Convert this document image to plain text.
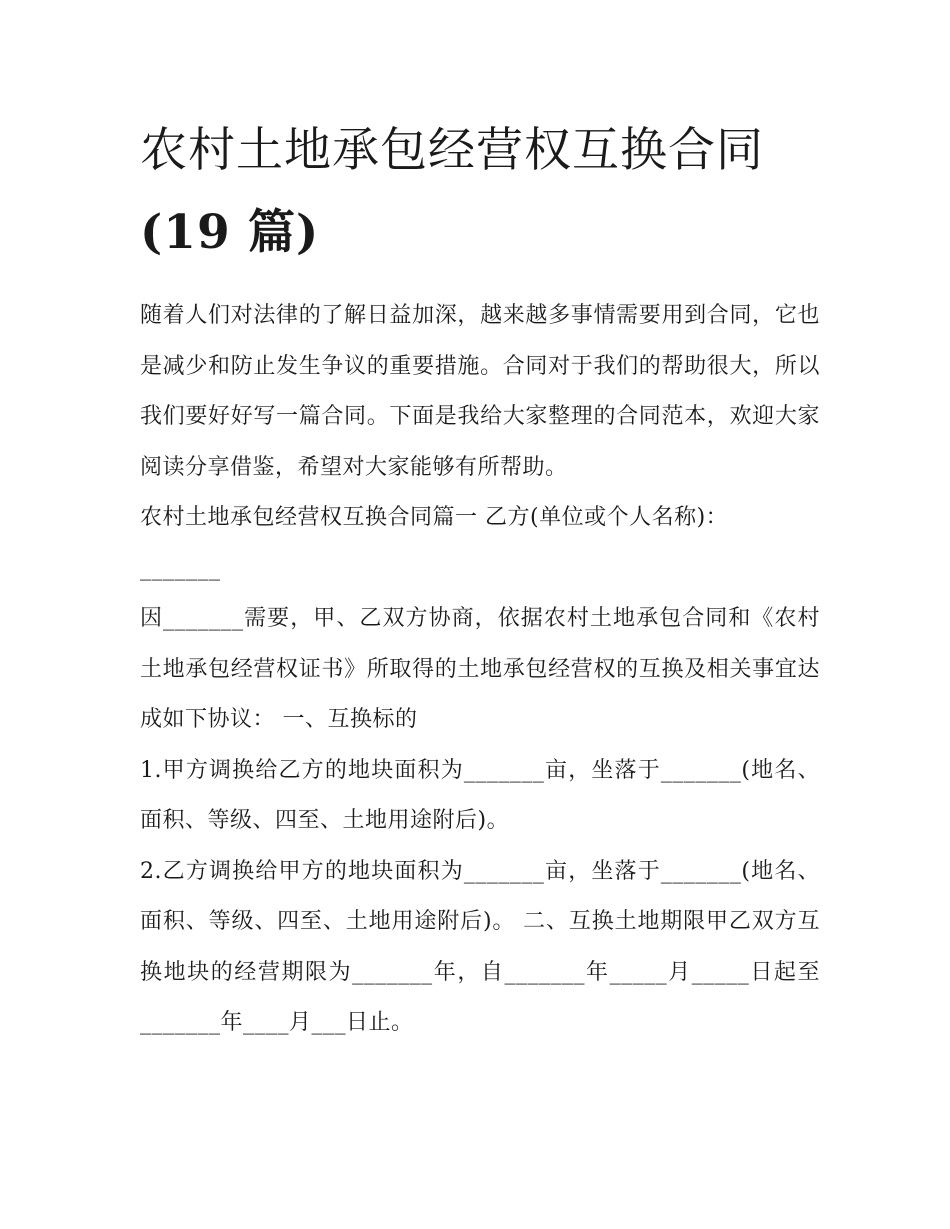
农村土地承包经营权互换合同
(19 篇)

随着人们对法律的了解日益加深，越来越多事情需要用到合同，它也是减少和防止发生争议的重要措施。合同对于我们的帮助很大，所以我们要好好写一篇合同。下面是我给大家整理的合同范本，欢迎大家阅读分享借鉴，希望对大家能够有所帮助。

农村土地承包经营权互换合同篇一 乙方(单位或个人名称)：

_______

因_______需要，甲、乙双方协商，依据农村土地承包合同和《农村土地承包经营权证书》所取得的土地承包经营权的互换及相关事宜达成如下协议： 一、互换标的

1.甲方调换给乙方的地块面积为_______亩，坐落于_______(地名、面积、等级、四至、土地用途附后)。

2.乙方调换给甲方的地块面积为_______亩，坐落于_______(地名、面积、等级、四至、土地用途附后)。 二、互换土地期限甲乙双方互换地块的经营期限为_______年，自_______年_____月_____日起至_______年____月___日止。
